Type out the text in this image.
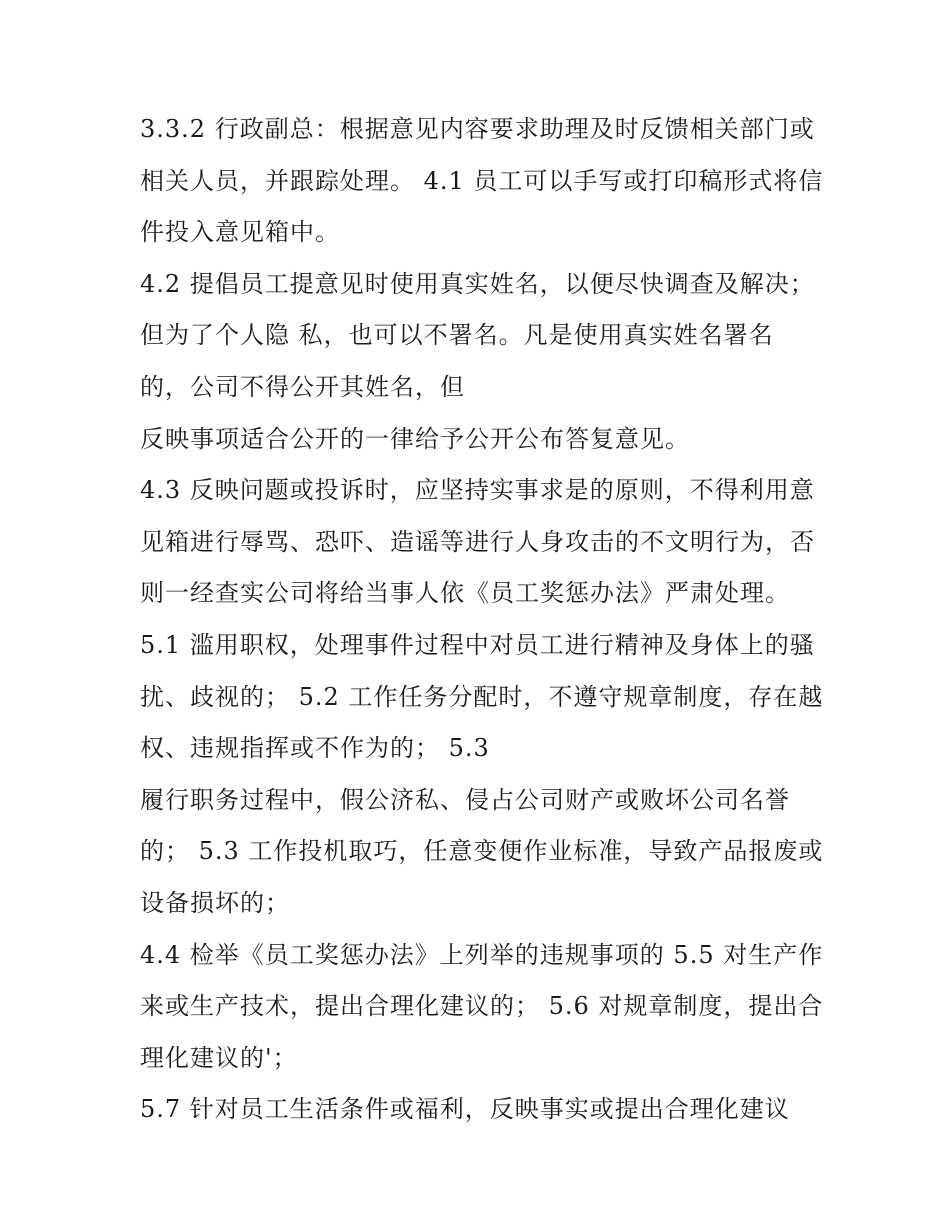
3.3.2 行政副总：根据意见内容要求助理及时反馈相关部门或
相关人员，并跟踪处理。 4.1 员工可以手写或打印稿形式将信
件投入意见箱中。
4.2 提倡员工提意见时使用真实姓名，以便尽快调查及解决；
但为了个人隐 私，也可以不署名。凡是使用真实姓名署名
的，公司不得公开其姓名，但
反映事项适合公开的一律给予公开公布答复意见。
4.3 反映问题或投诉时，应坚持实事求是的原则，不得利用意
见箱进行辱骂、恐吓、造谣等进行人身攻击的不文明行为，否
则一经查实公司将给当事人依《员工奖惩办法》严肃处理。
5.1 滥用职权，处理事件过程中对员工进行精神及身体上的骚
扰、歧视的； 5.2 工作任务分配时，不遵守规章制度，存在越
权、违规指挥或不作为的； 5.3
履行职务过程中，假公济私、侵占公司财产或败坏公司名誉
的； 5.3 工作投机取巧，任意变便作业标准，导致产品报废或
设备损坏的；
4.4 检举《员工奖惩办法》上列举的违规事项的 5.5 对生产作
来或生产技术，提出合理化建议的； 5.6 对规章制度，提出合
理化建议的'；
5.7 针对员工生活条件或福利，反映事实或提出合理化建议
